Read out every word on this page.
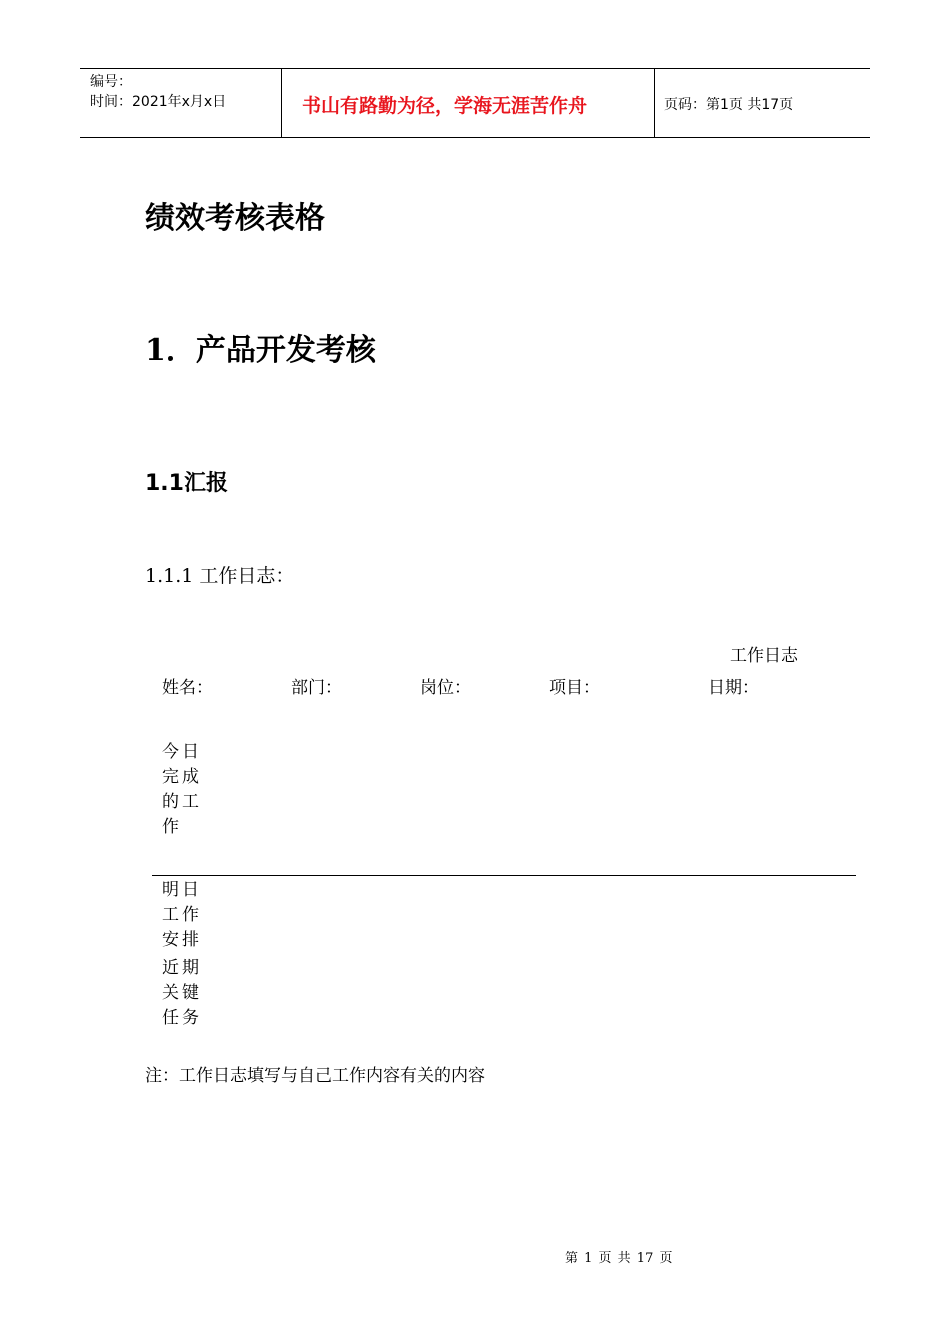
编号：
时间：2021年x月x日	书山有路勤为径，学海无涯苦作舟	页码：第1页 共17页
绩效考核表格
1．产品开发考核
1.1汇报
1.1.1 工作日志：
工作日志
姓名：	部门：	岗位：	项目：	日期：
今日完成的工作
明日工作安排
近期关键任务
注：工作日志填写与自己工作内容有关的内容
第 1 页 共 17 页
